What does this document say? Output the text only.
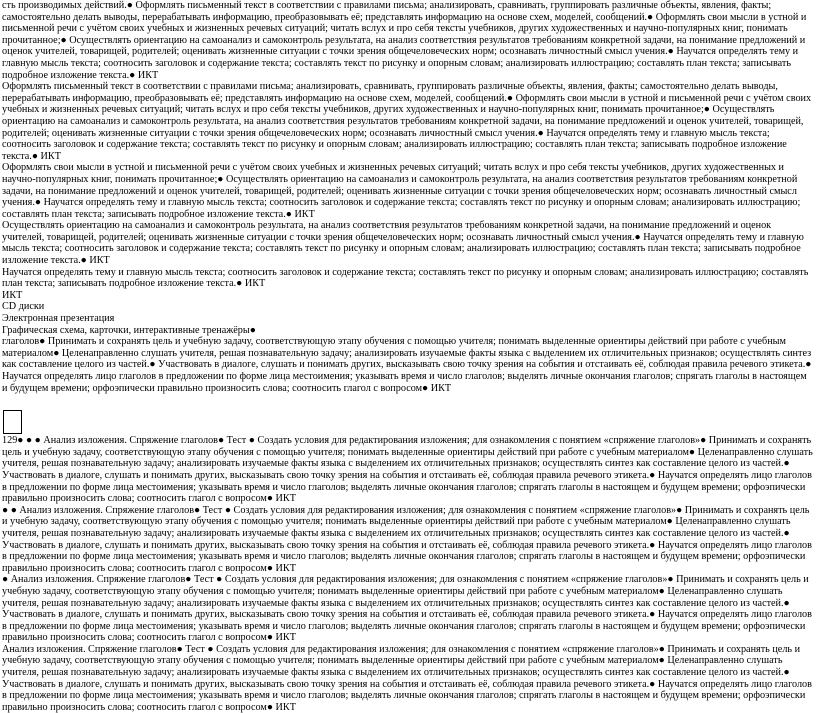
сть производимых действий.● Оформлять письменный текст в соответствии с правилами письма; анализировать, сравнивать, группировать различные объекты, явления, факты; самостоятельно делать выводы, перерабатывать информацию, преобразовывать её; представлять информацию на основе схем, моделей, сообщений.● Оформлять свои мысли в устной и письменной речи с учётом своих учебных и жизненных речевых ситуаций; читать вслух и про себя тексты учебников, других художественных и научно-популярных книг, понимать прочитанное;● Осуществлять ориентацию на самоанализ и самоконтроль результата, на анализ соответствия результатов требованиям конкретной задачи, на понимание предложений и оценок учителей, товарищей, родителей; оценивать жизненные ситуации с точки зрения общечеловеческих норм; осознавать личностный смысл учения.● Научатся определять тему и главную мысль текста; соотносить заголовок и содержание текста; составлять текст по рисунку и опорным словам; анализировать иллюстрацию; составлять план текста; записывать подробное изложение текста.● ИКТ

Оформлять письменный текст в соответствии с правилами письма; анализировать, сравнивать, группировать различные объекты, явления, факты; самостоятельно делать выводы, перерабатывать информацию, преобразовывать её; представлять информацию на основе схем, моделей, сообщений.● Оформлять свои мысли в устной и письменной речи с учётом своих учебных и жизненных речевых ситуаций; читать вслух и про себя тексты учебников, других художественных и научно-популярных книг, понимать прочитанное;● Осуществлять ориентацию на самоанализ и самоконтроль результата, на анализ соответствия результатов требованиям конкретной задачи, на понимание предложений и оценок учителей, товарищей, родителей; оценивать жизненные ситуации с точки зрения общечеловеческих норм; осознавать личностный смысл учения.● Научатся определять тему и главную мысль текста; соотносить заголовок и содержание текста; составлять текст по рисунку и опорным словам; анализировать иллюстрацию; составлять план текста; записывать подробное изложение текста.● ИКТ

Оформлять свои мысли в устной и письменной речи с учётом своих учебных и жизненных речевых ситуаций; читать вслух и про себя тексты учебников, других художественных и научно-популярных книг, понимать прочитанное;● Осуществлять ориентацию на самоанализ и самоконтроль результата, на анализ соответствия результатов требованиям конкретной задачи, на понимание предложений и оценок учителей, товарищей, родителей; оценивать жизненные ситуации с точки зрения общечеловеческих норм; осознавать личностный смысл учения.● Научатся определять тему и главную мысль текста; соотносить заголовок и содержание текста; составлять текст по рисунку и опорным словам; анализировать иллюстрацию; составлять план текста; записывать подробное изложение текста.● ИКТ

Осуществлять ориентацию на самоанализ и самоконтроль результата, на анализ соответствия результатов требованиям конкретной задачи, на понимание предложений и оценок учителей, товарищей, родителей; оценивать жизненные ситуации с точки зрения общечеловеческих норм; осознавать личностный смысл учения.● Научатся определять тему и главную мысль текста; соотносить заголовок и содержание текста; составлять текст по рисунку и опорным словам; анализировать иллюстрацию; составлять план текста; записывать подробное изложение текста.● ИКТ

Научатся определять тему и главную мысль текста; соотносить заголовок и содержание текста; составлять текст по рисунку и опорным словам; анализировать иллюстрацию; составлять план текста; записывать подробное изложение текста.● ИКТ

ИКТ

CD диски

Электронная презентация

Графическая схема, карточки, интерактивные тренажёры●

глаголов● Принимать и сохранять цель и учебную задачу, соответствующую этапу обучения с помощью учителя; понимать выделенные ориентиры действий при работе с учебным материалом● Целенаправленно слушать учителя, решая познавательную задачу; анализировать изучаемые факты языка с выделением их отличительных признаков; осуществлять синтез как составление целого из частей.● Участвовать в диалоге, слушать и понимать других, высказывать свою точку зрения на события и отстаивать её, соблюдая правила речевого этикета.● Научатся определять лицо глаголов в предложении по форме лица местоимения; указывать время и число глаголов; выделять личные окончания глаголов; спрягать глаголы в настоящем и будущем времени; орфоэпически правильно произносить слова; соотносить глагол с вопросом● ИКТ

129● ● ● Анализ изложения. Спряжение глаголов● Тест ● Создать условия для редактирования изложения; для ознакомления с понятием «спряжение глаголов»● Принимать и сохранять цель и учебную задачу, соответствующую этапу обучения с помощью учителя; понимать выделенные ориентиры действий при работе с учебным материалом● Целенаправленно слушать учителя, решая познавательную задачу; анализировать изучаемые факты языка с выделением их отличительных признаков; осуществлять синтез как составление целого из частей.● Участвовать в диалоге, слушать и понимать других, высказывать свою точку зрения на события и отстаивать её, соблюдая правила речевого этикета.● Научатся определять лицо глаголов в предложении по форме лица местоимения; указывать время и число глаголов; выделять личные окончания глаголов; спрягать глаголы в настоящем и будущем времени; орфоэпически правильно произносить слова; соотносить глагол с вопросом● ИКТ

● ● Анализ изложения. Спряжение глаголов● Тест ● Создать условия для редактирования изложения; для ознакомления с понятием «спряжение глаголов»● Принимать и сохранять цель и учебную задачу, соответствующую этапу обучения с помощью учителя; понимать выделенные ориентиры действий при работе с учебным материалом● Целенаправленно слушать учителя, решая познавательную задачу; анализировать изучаемые факты языка с выделением их отличительных признаков; осуществлять синтез как составление целого из частей.● Участвовать в диалоге, слушать и понимать других, высказывать свою точку зрения на события и отстаивать её, соблюдая правила речевого этикета.● Научатся определять лицо глаголов в предложении по форме лица местоимения; указывать время и число глаголов; выделять личные окончания глаголов; спрягать глаголы в настоящем и будущем времени; орфоэпически правильно произносить слова; соотносить глагол с вопросом● ИКТ

● Анализ изложения. Спряжение глаголов● Тест ● Создать условия для редактирования изложения; для ознакомления с понятием «спряжение глаголов»● Принимать и сохранять цель и учебную задачу, соответствующую этапу обучения с помощью учителя; понимать выделенные ориентиры действий при работе с учебным материалом● Целенаправленно слушать учителя, решая познавательную задачу; анализировать изучаемые факты языка с выделением их отличительных признаков; осуществлять синтез как составление целого из частей.● Участвовать в диалоге, слушать и понимать других, высказывать свою точку зрения на события и отстаивать её, соблюдая правила речевого этикета.● Научатся определять лицо глаголов в предложении по форме лица местоимения; указывать время и число глаголов; выделять личные окончания глаголов; спрягать глаголы в настоящем и будущем времени; орфоэпически правильно произносить слова; соотносить глагол с вопросом● ИКТ

Анализ изложения. Спряжение глаголов● Тест ● Создать условия для редактирования изложения; для ознакомления с понятием «спряжение глаголов»● Принимать и сохранять цель и учебную задачу, соответствующую этапу обучения с помощью учителя; понимать выделенные ориентиры действий при работе с учебным материалом● Целенаправленно слушать учителя, решая познавательную задачу; анализировать изучаемые факты языка с выделением их отличительных признаков; осуществлять синтез как составление целого из частей.● Участвовать в диалоге, слушать и понимать других, высказывать свою точку зрения на события и отстаивать её, соблюдая правила речевого этикета.● Научатся определять лицо глаголов в предложении по форме лица местоимения; указывать время и число глаголов; выделять личные окончания глаголов; спрягать глаголы в настоящем и будущем времени; орфоэпически правильно произносить слова; соотносить глагол с вопросом● ИКТ
